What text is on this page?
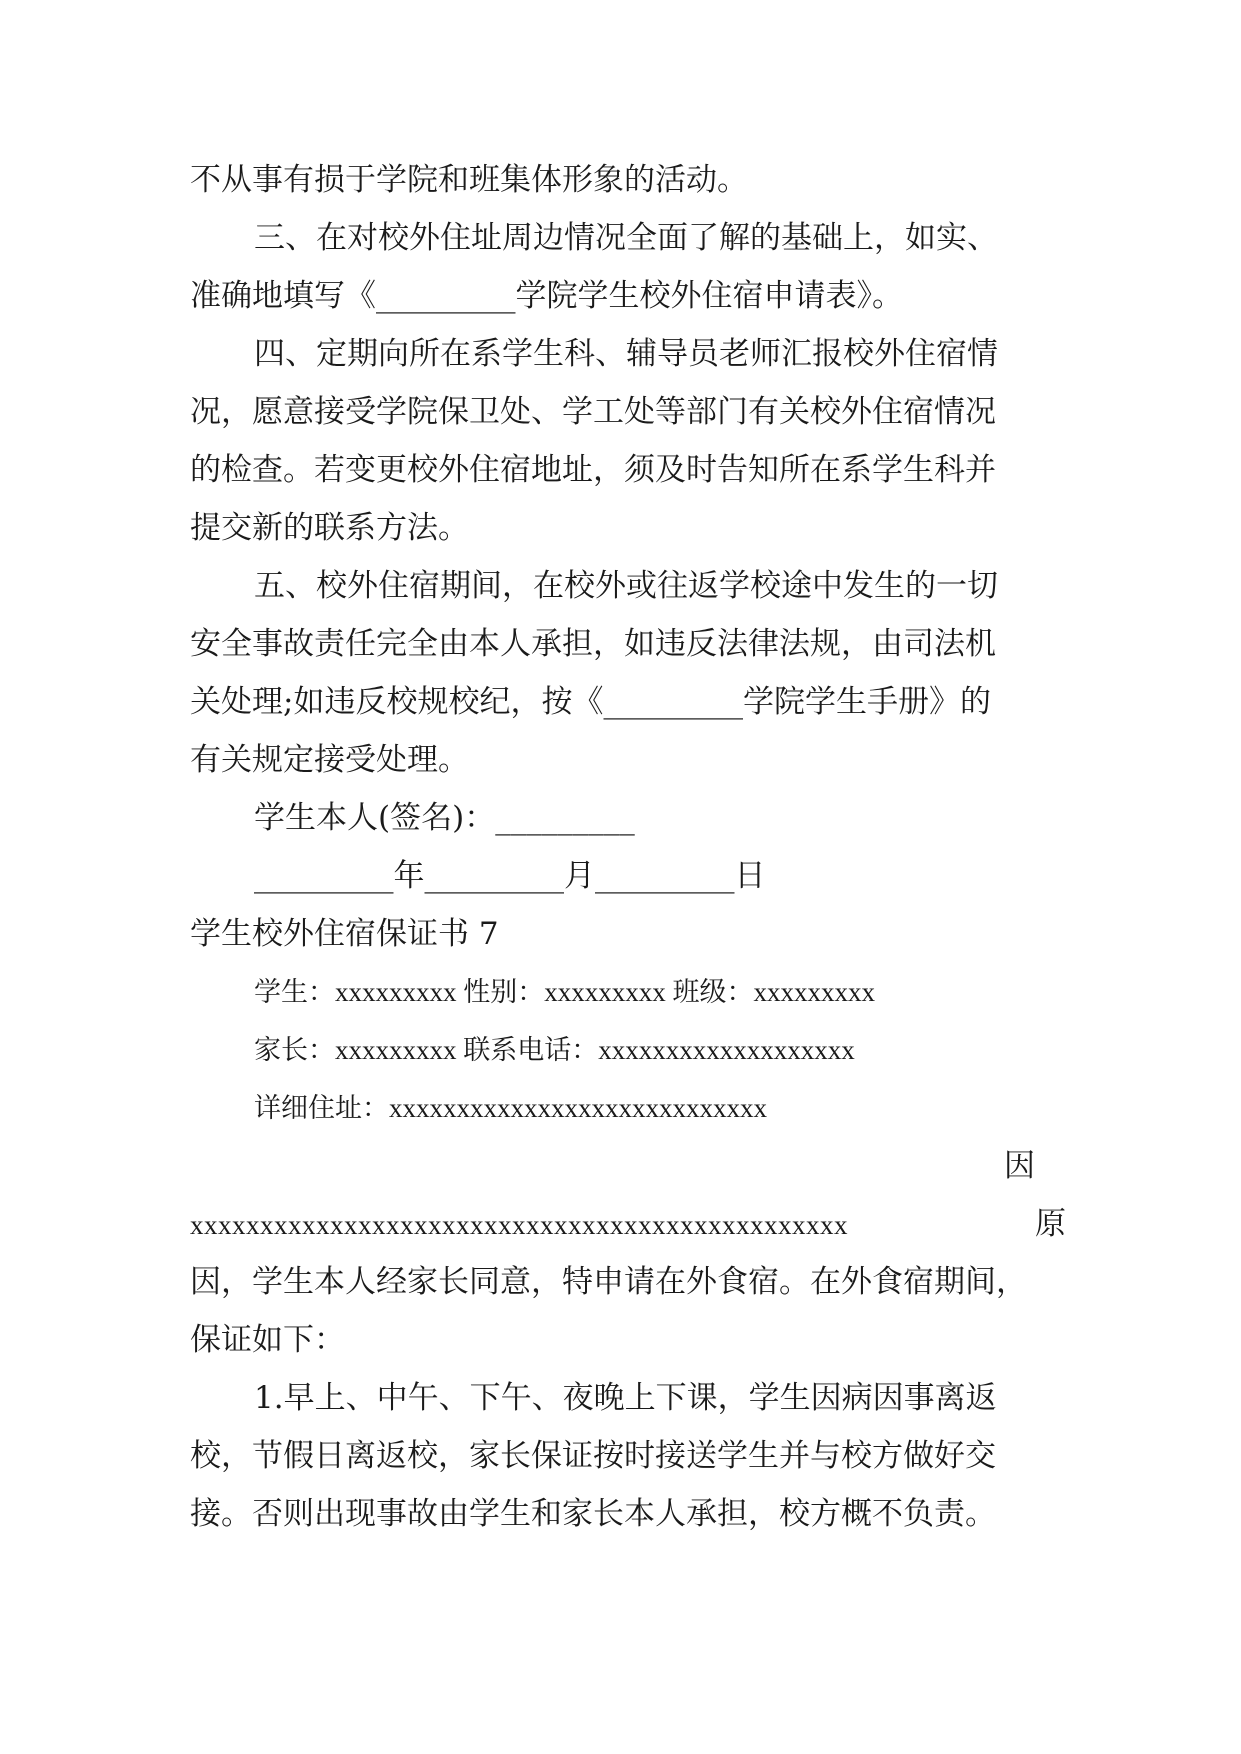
不从事有损于学院和班集体形象的活动。
三、在对校外住址周边情况全面了解的基础上，如实、
准确地填写《_________学院学生校外住宿申请表》。
四、定期向所在系学生科、辅导员老师汇报校外住宿情
况，愿意接受学院保卫处、学工处等部门有关校外住宿情况
的检查。若变更校外住宿地址，须及时告知所在系学生科并
提交新的联系方法。
五、校外住宿期间，在校外或往返学校途中发生的一切
安全事故责任完全由本人承担，如违反法律法规，由司法机
关处理;如违反校规校纪，按《_________学院学生手册》的
有关规定接受处理。
学生本人(签名)：_________
_________年_________月_________日
学生校外住宿保证书 7
学生：xxxxxxxxx 性别：xxxxxxxxx 班级：xxxxxxxxx
家长：xxxxxxxxx 联系电话：xxxxxxxxxxxxxxxxxxx
详细住址：xxxxxxxxxxxxxxxxxxxxxxxxxxxx
因
xxxxxxxxxxxxxxxxxxxxxxxxxxxxxxxxxxxxxxxxxxxxxxx	原
因，学生本人经家长同意，特申请在外食宿。在外食宿期间，
保证如下：
1.早上、中午、下午、夜晚上下课，学生因病因事离返
校，节假日离返校，家长保证按时接送学生并与校方做好交
接。否则出现事故由学生和家长本人承担，校方概不负责。
